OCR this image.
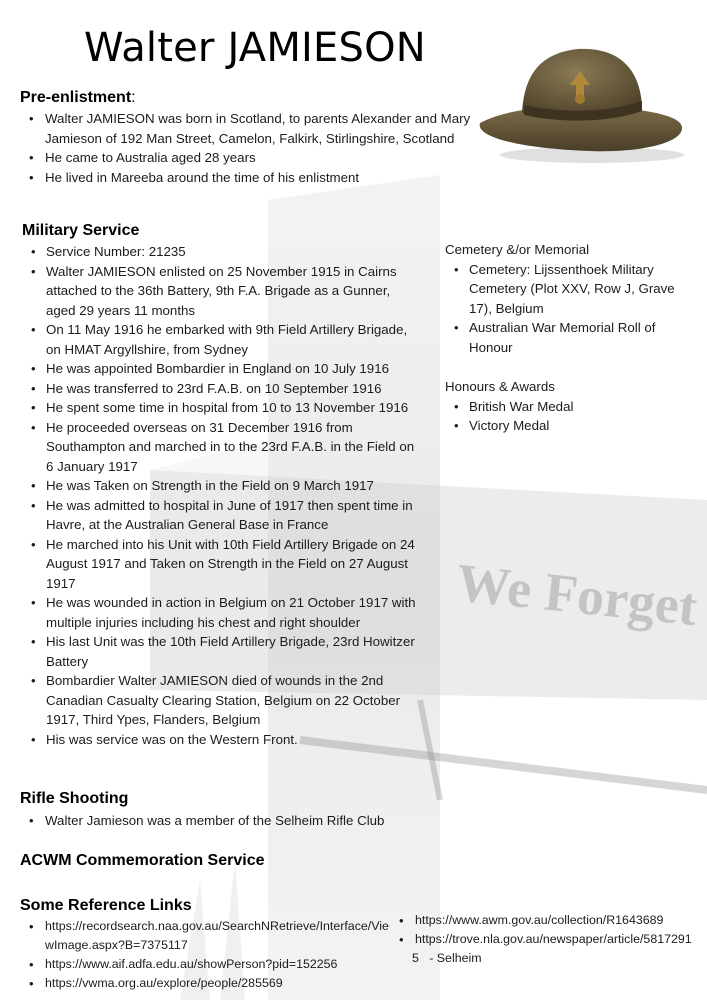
We Forget
Walter JAMIESON
Pre-enlistment:
• Walter JAMIESON was born in Scotland, to parents Alexander and Mary Jamieson of 192 Man Street, Camelon, Falkirk, Stirlingshire, Scotland
• He came to Australia aged 28 years
• He lived in Mareeba around the time of his enlistment
Military Service
• Service Number: 21235
• Walter JAMIESON enlisted on 25 November 1915 in Cairns attached to the 36th Battery, 9th F.A. Brigade as a Gunner, aged 29 years 11 months
• On 11 May 1916 he embarked with 9th Field Artillery Brigade, on HMAT Argyllshire, from Sydney
• He was appointed Bombardier in England on 10 July 1916
• He was transferred to 23rd F.A.B. on 10 September 1916
• He spent some time in hospital from 10 to 13 November 1916
• He proceeded overseas on 31 December 1916 from Southampton and marched in to the 23rd F.A.B. in the Field on 6 January 1917
• He was Taken on Strength in the Field on 9 March 1917
• He was admitted to hospital in June of 1917 then spent time in Havre, at the Australian General Base in France
• He marched into his Unit with 10th Field Artillery Brigade on 24 August 1917 and Taken on Strength in the Field on 27 August 1917
• He was wounded in action in Belgium on 21 October 1917 with multiple injuries including his chest and right shoulder
• His last Unit was the 10th Field Artillery Brigade, 23rd Howitzer Battery
• Bombardier Walter JAMIESON died of wounds in the 2nd Canadian Casualty Clearing Station, Belgium on 22 October 1917, Third Ypes, Flanders, Belgium
• His was service was on the Western Front.
Cemetery &/or Memorial
• Cemetery: Lijssenthoek Military Cemetery (Plot XXV, Row J, Grave 17), Belgium
• Australian War Memorial Roll of Honour
Honours & Awards
• British War Medal
• Victory Medal
Rifle Shooting
• Walter Jamieson was a member of the Selheim Rifle Club
ACWM Commemoration Service
Some Reference Links
• https://recordsearch.naa.gov.au/SearchNRetrieve/Interface/ViewImage.aspx?B=7375117
• https://www.aif.adfa.edu.au/showPerson?pid=152256
• https://vwma.org.au/explore/people/285569
• https://www.awm.gov.au/collection/R1643689
• https://trove.nla.gov.au/newspaper/article/5817291
5   - Selheim
